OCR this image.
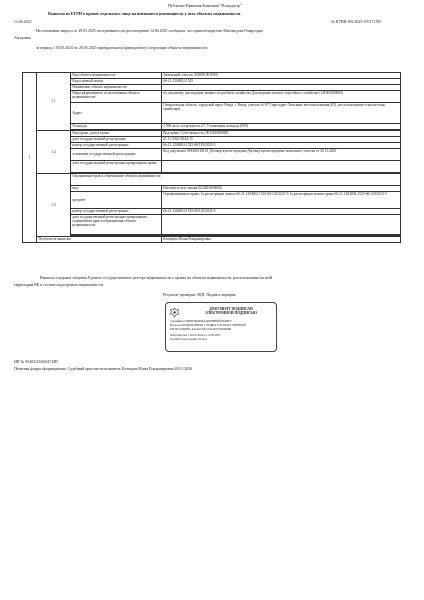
Публично-Правовая Компания "Роскадастр"
Выписка из ЕГРН о правах отдельного лица на имевшиеся (имеющиеся) у него объекты недвижимости
14.06.2025	№ КУВИ-002/2025-470171785
На основании запроса от 29.05.2025 поступившего на рассмотрение 14.06.2025 сообщаем, что правообладателю Магомедова Омаргадам
Амэдовна:
за период с 30.05.2025 по 29.05.2025 принадлежали (принадлежат) следующие объекты недвижимости:
1	1.1	Вид объекта недвижимости:	Земельный участок (002001001000)
		Кадастровый номер:	66:21:1204002:1525
		Назначение объекта недвижимости:	
		Виды разрешенного использования объекта недвижимости:	по документу для ведения личного подсобного хозяйства Для ведения личного подсобного хозяйства (141003000000)
		Адрес:	Свердловская область, городской округ Ревда, г. Ревда, участок № 8/7 (при адрес Описание местоположения (02), местоположение относительно ориентира)
		Площадь:	1 500 кв.м, погрешность 27, Уточненная площадь (009)

	1.2	Вид права, доля в праве:	Вид права: Собственность (001001000000)
		дата государственной регистрации:	21.11.2023 08:42:15
		номер государственной регистрации:	66:21:1204002:1525-66/129/2023-5
		основание государственной регистрации:	Код документа 558401010101 Договор купли-продажи Договор купли-продажи земельного участка от 20.11.2023
		дата государственной регистрации прекращения права:	

	1.3	Ограничение прав и обременение объекта недвижимости:	
		вид:	Ипотека в силу закона (022003000000)
		предмет:	Ограничиваемые права: № регистрации записи 66:21:1204002:1525-66/129/2023-5 № регистрации записи права 66:21:1204002:1525-66/129/2023-5
		номер государственной регистрации:	66:21:1204002:1525-66/129/2023-6
		дата государственной регистрации прекращения ограничения прав и обременения объекта недвижимости:	

	Получатель выписки:		Клевцова Юлия Владимировна
Выписка содержит сведения Единого государственного реестра недвижимости о правах на объекты недвижимости, расположенные на всей
территории РФ в составе кадастровых недвижимости.
Результат проверки ЭЦП: Подпись верифна
ДОКУМЕНТ ПОДПИСАН ЭЛЕКТРОННОЙ ПОДПИСЬЮ
Сертификат ИДЕНТИФИКАЦИОННЫЙ НОМЕР
Владелец ФЕДЕРАЛЬНАЯ СЛУЖБА ГОСУДАРСТВЕННОЙ
РЕГИСТРАЦИИ, КАДАСТРА И КАРТОГРАФИИ
Действителен с 20.03.2024 по 13.06.2025
Подпись Кадастровых Отдела
ИП № 95403/25/66047-ИП
Печатная форма сформирована: Судебный пристав-исполнитель Клевцова Юлия Владимировна 28.01.2026
